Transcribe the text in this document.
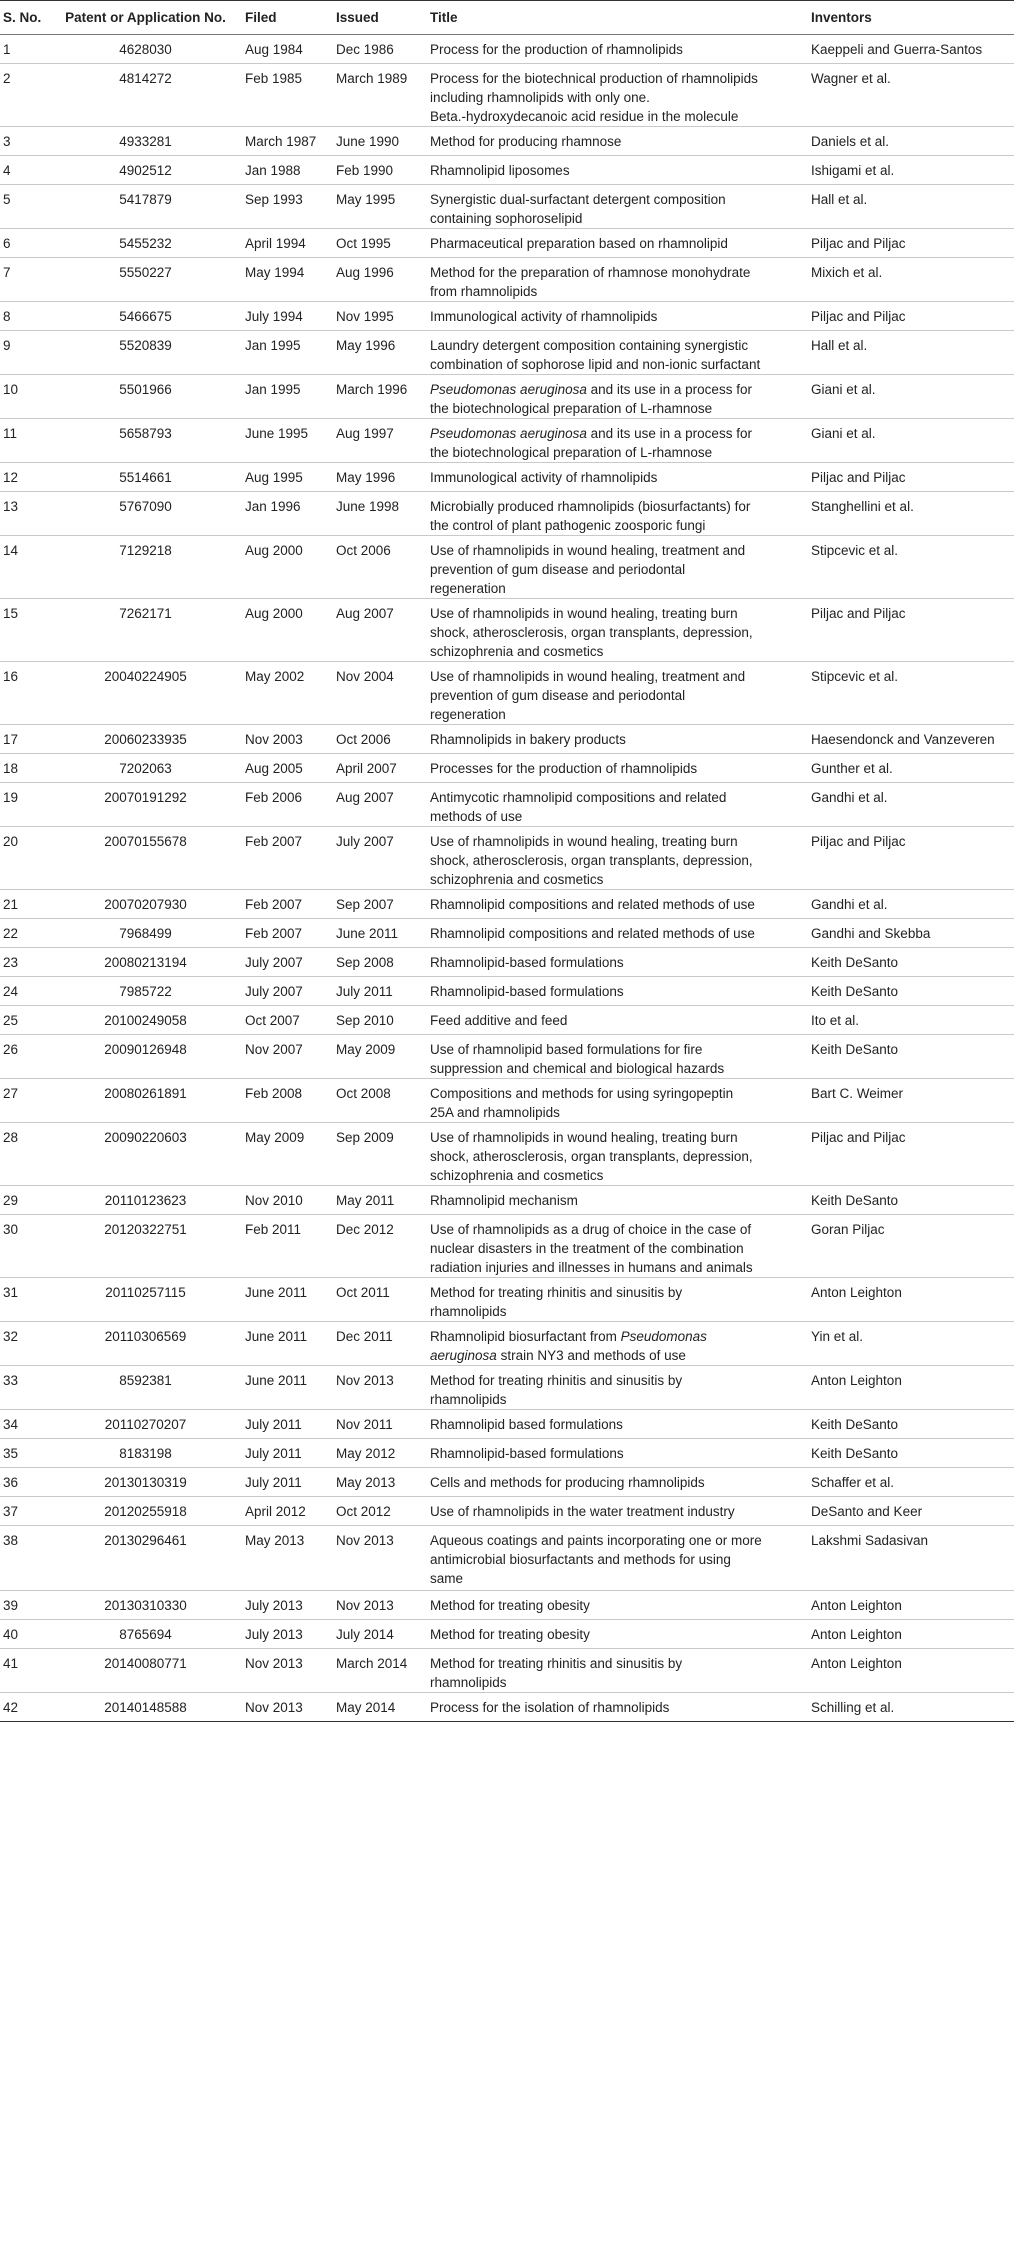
S. No.	Patent or Application No.	Filed	Issued	Title	Inventors
1	4628030	Aug 1984	Dec 1986	Process for the production of rhamnolipids	Kaeppeli and Guerra-Santos
2	4814272	Feb 1985	March 1989	Process for the biotechnical production of rhamnolipids
including rhamnolipids with only one.
Beta.-hydroxydecanoic acid residue in the molecule	Wagner et al.
3	4933281	March 1987	June 1990	Method for producing rhamnose	Daniels et al.
4	4902512	Jan 1988	Feb 1990	Rhamnolipid liposomes	Ishigami et al.
5	5417879	Sep 1993	May 1995	Synergistic dual-surfactant detergent composition
containing sophoroselipid	Hall et al.
6	5455232	April 1994	Oct 1995	Pharmaceutical preparation based on rhamnolipid	Piljac and Piljac
7	5550227	May 1994	Aug 1996	Method for the preparation of rhamnose monohydrate
from rhamnolipids	Mixich et al.
8	5466675	July 1994	Nov 1995	Immunological activity of rhamnolipids	Piljac and Piljac
9	5520839	Jan 1995	May 1996	Laundry detergent composition containing synergistic
combination of sophorose lipid and non-ionic surfactant	Hall et al.
10	5501966	Jan 1995	March 1996	Pseudomonas aeruginosa and its use in a process for
the biotechnological preparation of L-rhamnose	Giani et al.
11	5658793	June 1995	Aug 1997	Pseudomonas aeruginosa and its use in a process for
the biotechnological preparation of L-rhamnose	Giani et al.
12	5514661	Aug 1995	May 1996	Immunological activity of rhamnolipids	Piljac and Piljac
13	5767090	Jan 1996	June 1998	Microbially produced rhamnolipids (biosurfactants) for
the control of plant pathogenic zoosporic fungi	Stanghellini et al.
14	7129218	Aug 2000	Oct 2006	Use of rhamnolipids in wound healing, treatment and
prevention of gum disease and periodontal
regeneration	Stipcevic et al.
15	7262171	Aug 2000	Aug 2007	Use of rhamnolipids in wound healing, treating burn
shock, atherosclerosis, organ transplants, depression,
schizophrenia and cosmetics	Piljac and Piljac
16	20040224905	May 2002	Nov 2004	Use of rhamnolipids in wound healing, treatment and
prevention of gum disease and periodontal
regeneration	Stipcevic et al.
17	20060233935	Nov 2003	Oct 2006	Rhamnolipids in bakery products	Haesendonck and Vanzeveren
18	7202063	Aug 2005	April 2007	Processes for the production of rhamnolipids	Gunther et al.
19	20070191292	Feb 2006	Aug 2007	Antimycotic rhamnolipid compositions and related
methods of use	Gandhi et al.
20	20070155678	Feb 2007	July 2007	Use of rhamnolipids in wound healing, treating burn
shock, atherosclerosis, organ transplants, depression,
schizophrenia and cosmetics	Piljac and Piljac
21	20070207930	Feb 2007	Sep 2007	Rhamnolipid compositions and related methods of use	Gandhi et al.
22	7968499	Feb 2007	June 2011	Rhamnolipid compositions and related methods of use	Gandhi and Skebba
23	20080213194	July 2007	Sep 2008	Rhamnolipid-based formulations	Keith DeSanto
24	7985722	July 2007	July 2011	Rhamnolipid-based formulations	Keith DeSanto
25	20100249058	Oct 2007	Sep 2010	Feed additive and feed	Ito et al.
26	20090126948	Nov 2007	May 2009	Use of rhamnolipid based formulations for fire
suppression and chemical and biological hazards	Keith DeSanto
27	20080261891	Feb 2008	Oct 2008	Compositions and methods for using syringopeptin
25A and rhamnolipids	Bart C. Weimer
28	20090220603	May 2009	Sep 2009	Use of rhamnolipids in wound healing, treating burn
shock, atherosclerosis, organ transplants, depression,
schizophrenia and cosmetics	Piljac and Piljac
29	20110123623	Nov 2010	May 2011	Rhamnolipid mechanism	Keith DeSanto
30	20120322751	Feb 2011	Dec 2012	Use of rhamnolipids as a drug of choice in the case of
nuclear disasters in the treatment of the combination
radiation injuries and illnesses in humans and animals	Goran Piljac
31	20110257115	June 2011	Oct 2011	Method for treating rhinitis and sinusitis by
rhamnolipids	Anton Leighton
32	20110306569	June 2011	Dec 2011	Rhamnolipid biosurfactant from Pseudomonas
aeruginosa strain NY3 and methods of use	Yin et al.
33	8592381	June 2011	Nov 2013	Method for treating rhinitis and sinusitis by
rhamnolipids	Anton Leighton
34	20110270207	July 2011	Nov 2011	Rhamnolipid based formulations	Keith DeSanto
35	8183198	July 2011	May 2012	Rhamnolipid-based formulations	Keith DeSanto
36	20130130319	July 2011	May 2013	Cells and methods for producing rhamnolipids	Schaffer et al.
37	20120255918	April 2012	Oct 2012	Use of rhamnolipids in the water treatment industry	DeSanto and Keer
38	20130296461	May 2013	Nov 2013	Aqueous coatings and paints incorporating one or more
antimicrobial biosurfactants and methods for using
same	Lakshmi Sadasivan
39	20130310330	July 2013	Nov 2013	Method for treating obesity	Anton Leighton
40	8765694	July 2013	July 2014	Method for treating obesity	Anton Leighton
41	20140080771	Nov 2013	March 2014	Method for treating rhinitis and sinusitis by
rhamnolipids	Anton Leighton
42	20140148588	Nov 2013	May 2014	Process for the isolation of rhamnolipids	Schilling et al.
